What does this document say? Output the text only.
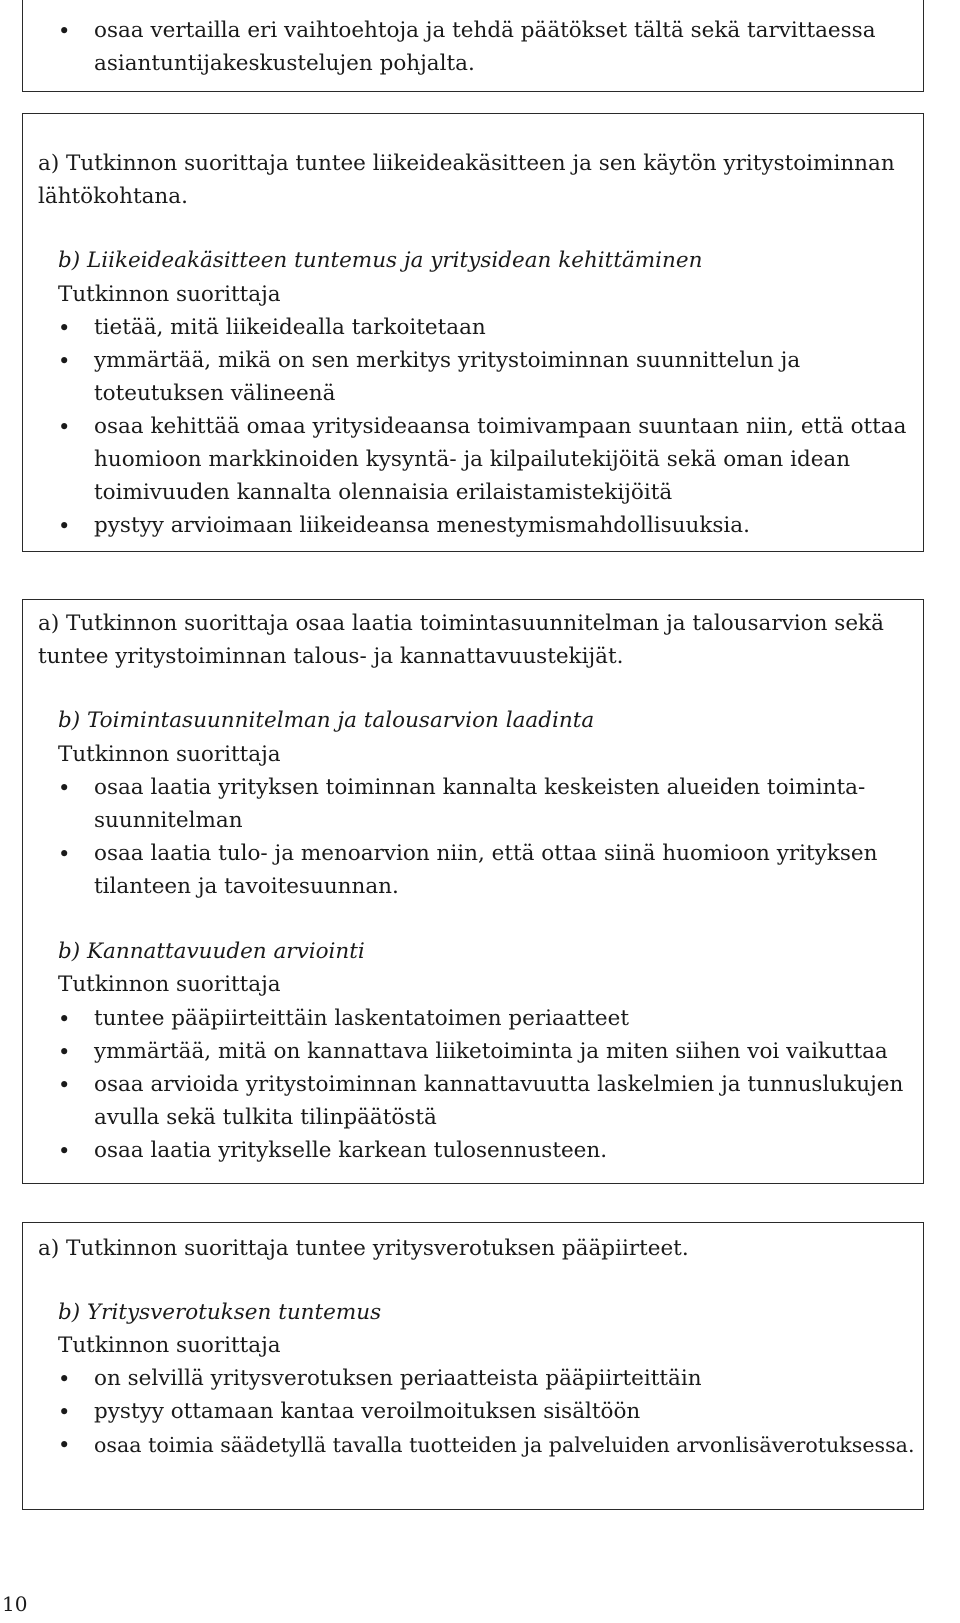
• osaa vertailla eri vaihtoehtoja ja tehdä päätökset tältä sekä tarvittaessa
asiantuntijakeskustelujen pohjalta.
a) Tutkinnon suorittaja tuntee liikeideakäsitteen ja sen käytön yritystoiminnan
lähtökohtana.
b) Liikeideakäsitteen tuntemus ja yritysidean kehittäminen
Tutkinnon suorittaja
• tietää, mitä liikeidealla tarkoitetaan
• ymmärtää, mikä on sen merkitys yritystoiminnan suunnittelun ja
toteutuksen välineenä
• osaa kehittää omaa yritysideaansa toimivampaan suuntaan niin, että ottaa
huomioon markkinoiden kysyntä- ja kilpailutekijöitä sekä oman idean
toimivuuden kannalta olennaisia erilaistamistekijöitä
• pystyy arvioimaan liikeideansa menestymismahdollisuuksia.
a) Tutkinnon suorittaja osaa laatia toimintasuunnitelman ja talousarvion sekä
tuntee yritystoiminnan talous- ja kannattavuustekijät.
b) Toimintasuunnitelman ja talousarvion laadinta
Tutkinnon suorittaja
• osaa laatia yrityksen toiminnan kannalta keskeisten alueiden toiminta-
suunnitelman
• osaa laatia tulo- ja menoarvion niin, että ottaa siinä huomioon yrityksen
tilanteen ja tavoitesuunnan.
b) Kannattavuuden arviointi
Tutkinnon suorittaja
• tuntee pääpiirteittäin laskentatoimen periaatteet
• ymmärtää, mitä on kannattava liiketoiminta ja miten siihen voi vaikuttaa
• osaa arvioida yritystoiminnan kannattavuutta laskelmien ja tunnuslukujen
avulla sekä tulkita tilinpäätöstä
• osaa laatia yritykselle karkean tulosennusteen.
a) Tutkinnon suorittaja tuntee yritysverotuksen pääpiirteet.
b) Yritysverotuksen tuntemus
Tutkinnon suorittaja
• on selvillä yritysverotuksen periaatteista pääpiirteittäin
• pystyy ottamaan kantaa veroilmoituksen sisältöön
• osaa toimia säädetyllä tavalla tuotteiden ja palveluiden arvonlisäverotuksessa.
10
